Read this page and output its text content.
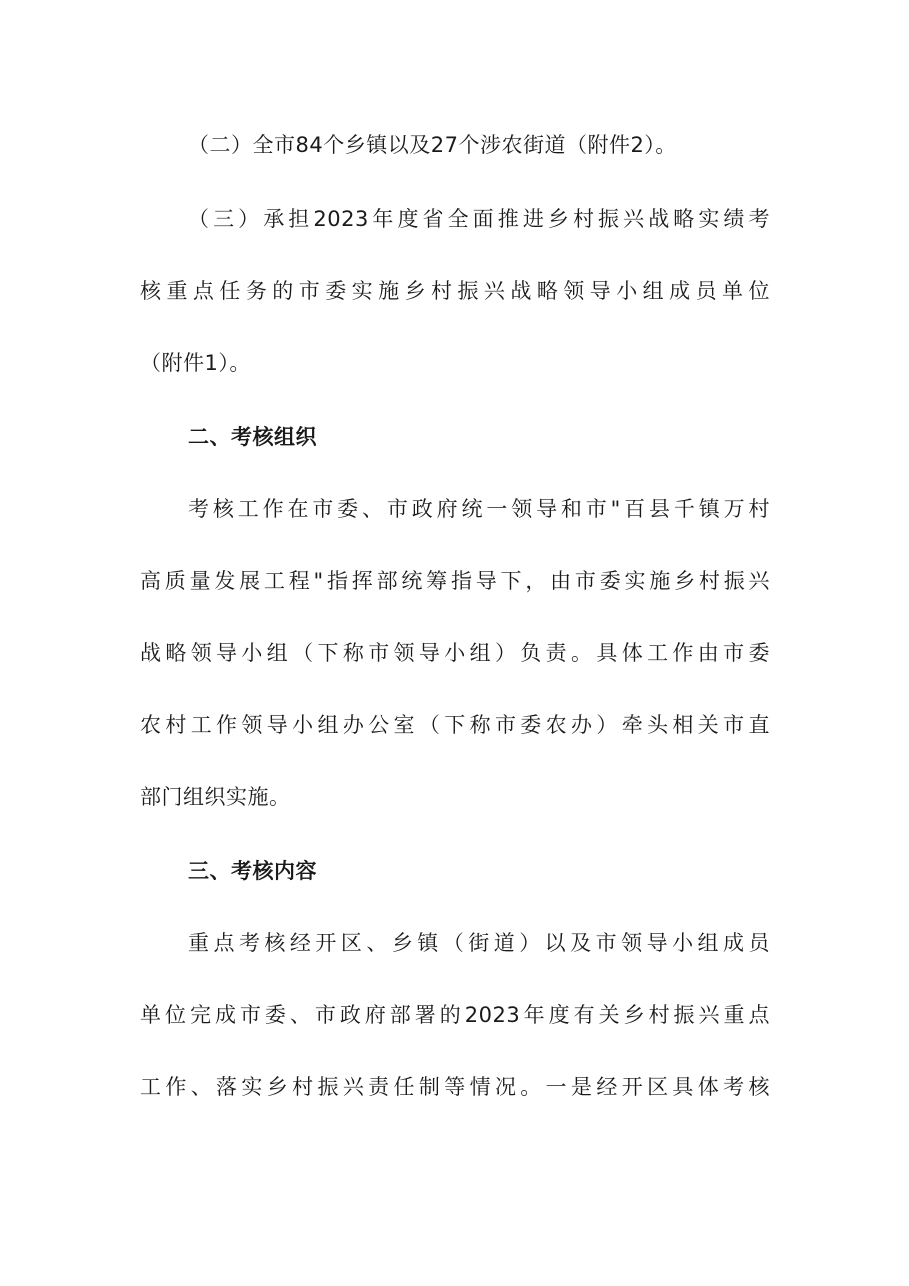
（二）全市84个乡镇以及27个涉农街道（附件2）。
（三）承担2023年度省全面推进乡村振兴战略实绩考
核重点任务的市委实施乡村振兴战略领导小组成员单位
（附件1）。
二、考核组织
考核工作在市委、市政府统一领导和市"百县千镇万村
高质量发展工程"指挥部统筹指导下，由市委实施乡村振兴
战略领导小组（下称市领导小组）负责。具体工作由市委
农村工作领导小组办公室（下称市委农办）牵头相关市直
部门组织实施。
三、考核内容
重点考核经开区、乡镇（街道）以及市领导小组成员
单位完成市委、市政府部署的2023年度有关乡村振兴重点
工作、落实乡村振兴责任制等情况。一是经开区具体考核
